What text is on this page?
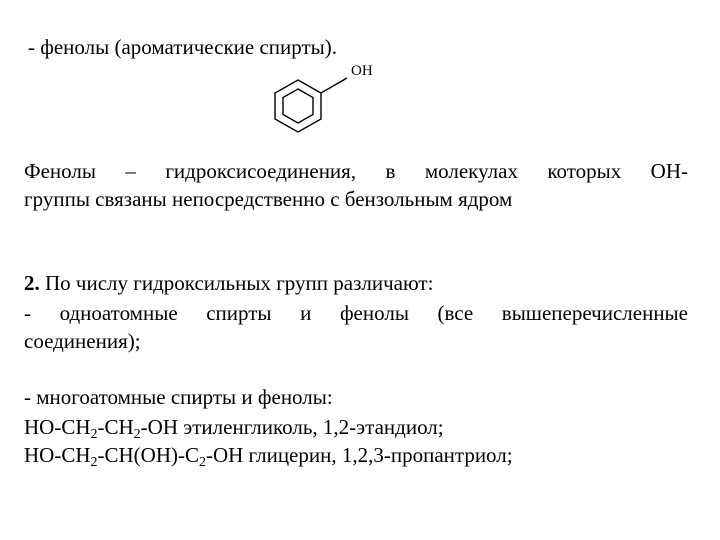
- фенолы (ароматические спирты).
OH
Фенолы – гидроксисоединения, в молекулах которых ОН-
группы связаны непосредственно с бензольным ядром
2. По числу гидроксильных групп различают:
- одноатомные спирты и фенолы (все вышеперечисленные
соединения);
- многоатомные спирты и фенолы:
$HO-CH_2-CH_2-OH$ этиленгликоль, 1,2-этандиол;
$HO-CH_2-CH(OH)-C_2-OH$ глицерин, 1,2,3-пропантриол;
